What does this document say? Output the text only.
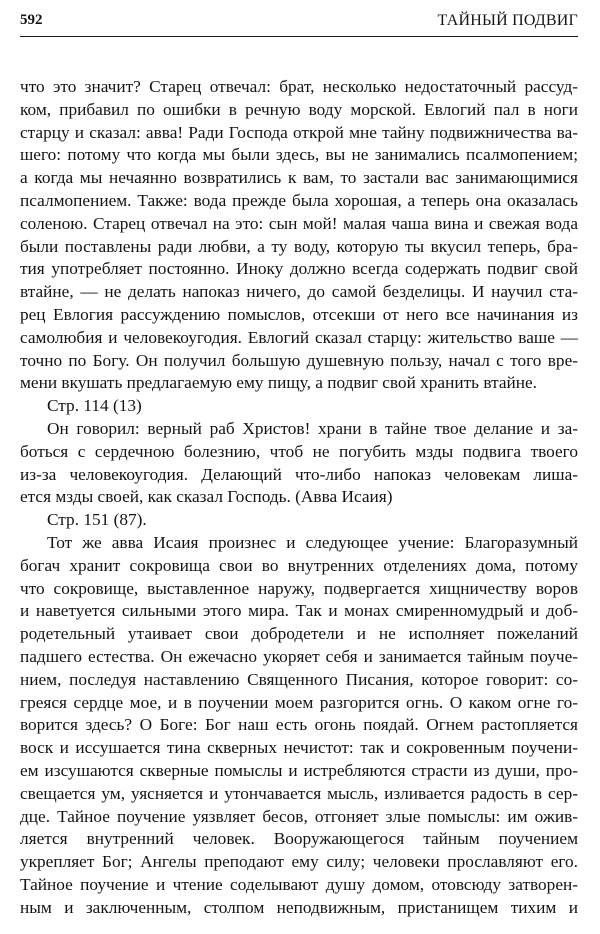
592	ТАЙНЫЙ ПОДВИГ
что это значит? Старец отвечал: брат, несколько недостаточный рассуд-
ком, прибавил по ошибки в речную воду морской. Евлогий пал в ноги
старцу и сказал: авва! Ради Господа открой мне тайну подвижничества ва-
шего: потому что когда мы были здесь, вы не занимались псалмопением;
а когда мы нечаянно возвратились к вам, то застали вас занимающимися
псалмопением. Также: вода прежде была хорошая, а теперь она оказалась
соленою. Старец отвечал на это: сын мой! малая чаша вина и свежая вода
были поставлены ради любви, а ту воду, которую ты вкусил теперь, бра-
тия употребляет постоянно. Иноку должно всегда содержать подвиг свой
втайне, — не делать напоказ ничего, до самой безделицы. И научил ста-
рец Евлогия рассуждению помыслов, отсекши от него все начинания из
самолюбия и человекоугодия. Евлогий сказал старцу: жительство ваше —
точно по Богу. Он получил большую душевную пользу, начал с того вре-
мени вкушать предлагаемую ему пищу, а подвиг свой хранить втайне.
Стр. 114 (13)
Он говорил: верный раб Христов! храни в тайне твое делание и за-
боться с сердечною болезнию, чтоб не погубить мзды подвига твоего
из-за человекоугодия. Делающий что-либо напоказ человекам лиша-
ется мзды своей, как сказал Господь. (Авва Исаия)
Стр. 151 (87).
Тот же авва Исаия произнес и следующее учение: Благоразумный
богач хранит сокровища свои во внутренних отделениях дома, потому
что сокровище, выставленное наружу, подвергается хищничеству воров
и наветуется сильными этого мира. Так и монах смиренномудрый и доб-
родетельный утаивает свои добродетели и не исполняет пожеланий
падшего естества. Он ежечасно укоряет себя и занимается тайным поуче-
нием, последуя наставлению Священного Писания, которое говорит: со-
греяся сердце мое, и в поучении моем разгорится огнь. О каком огне го-
ворится здесь? О Боге: Бог наш есть огонь поядай. Огнем растопляется
воск и иссушается тина скверных нечистот: так и сокровенным поучени-
ем изсушаются скверные помыслы и истребляются страсти из души, про-
свещается ум, уясняется и утончавается мысль, изливается радость в сер-
дце. Тайное поучение уязвляет бесов, отгоняет злые помыслы: им ожив-
ляется внутренний человек. Вооружающегося тайным поучением
укрепляет Бог; Ангелы преподают ему силу; человеки прославляют его.
Тайное поучение и чтение соделывают душу домом, отовсюду затворен-
ным и заключенным, столпом неподвижным, пристанищем тихим и
